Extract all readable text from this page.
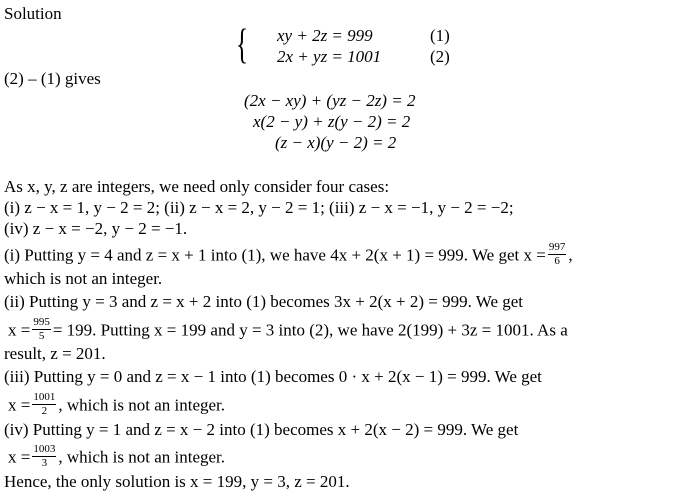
Solution
{ xy + 2z = 999	(1)
2x + yz = 1001	(2)
(2) – (1) gives
(2x − xy) + (yz − 2z) = 2
x(2 − y) + z(y − 2) = 2
(z − x)(y − 2) = 2
As x, y, z are integers, we need only consider four cases:
(i) z − x = 1, y − 2 = 2; (ii) z − x = 2, y − 2 = 1; (iii) z − x = −1, y − 2 = −2;
(iv) z − x = −2, y − 2 = −1.
(i) Putting y = 4 and z = x + 1 into (1), we have 4x + 2(x + 1) = 999. We get $x = \frac{997}{6}$ ,
which is not an integer.
(ii) Putting y = 3 and z = x + 2 into (1) becomes 3x + 2(x + 2) = 999. We get
$x = \frac{995}{5} = 199$. Putting x = 199 and y = 3 into (2), we have 2(199) + 3z = 1001. As a
result, z = 201.
(iii) Putting y = 0 and z = x − 1 into (1) becomes 0 · x + 2(x − 1) = 999. We get
$x = \frac{1001}{2}$ , which is not an integer.
(iv) Putting y = 1 and z = x − 2 into (1) becomes x + 2(x − 2) = 999. We get
$x = \frac{1003}{3}$ , which is not an integer.
Hence, the only solution is x = 199, y = 3, z = 201.
